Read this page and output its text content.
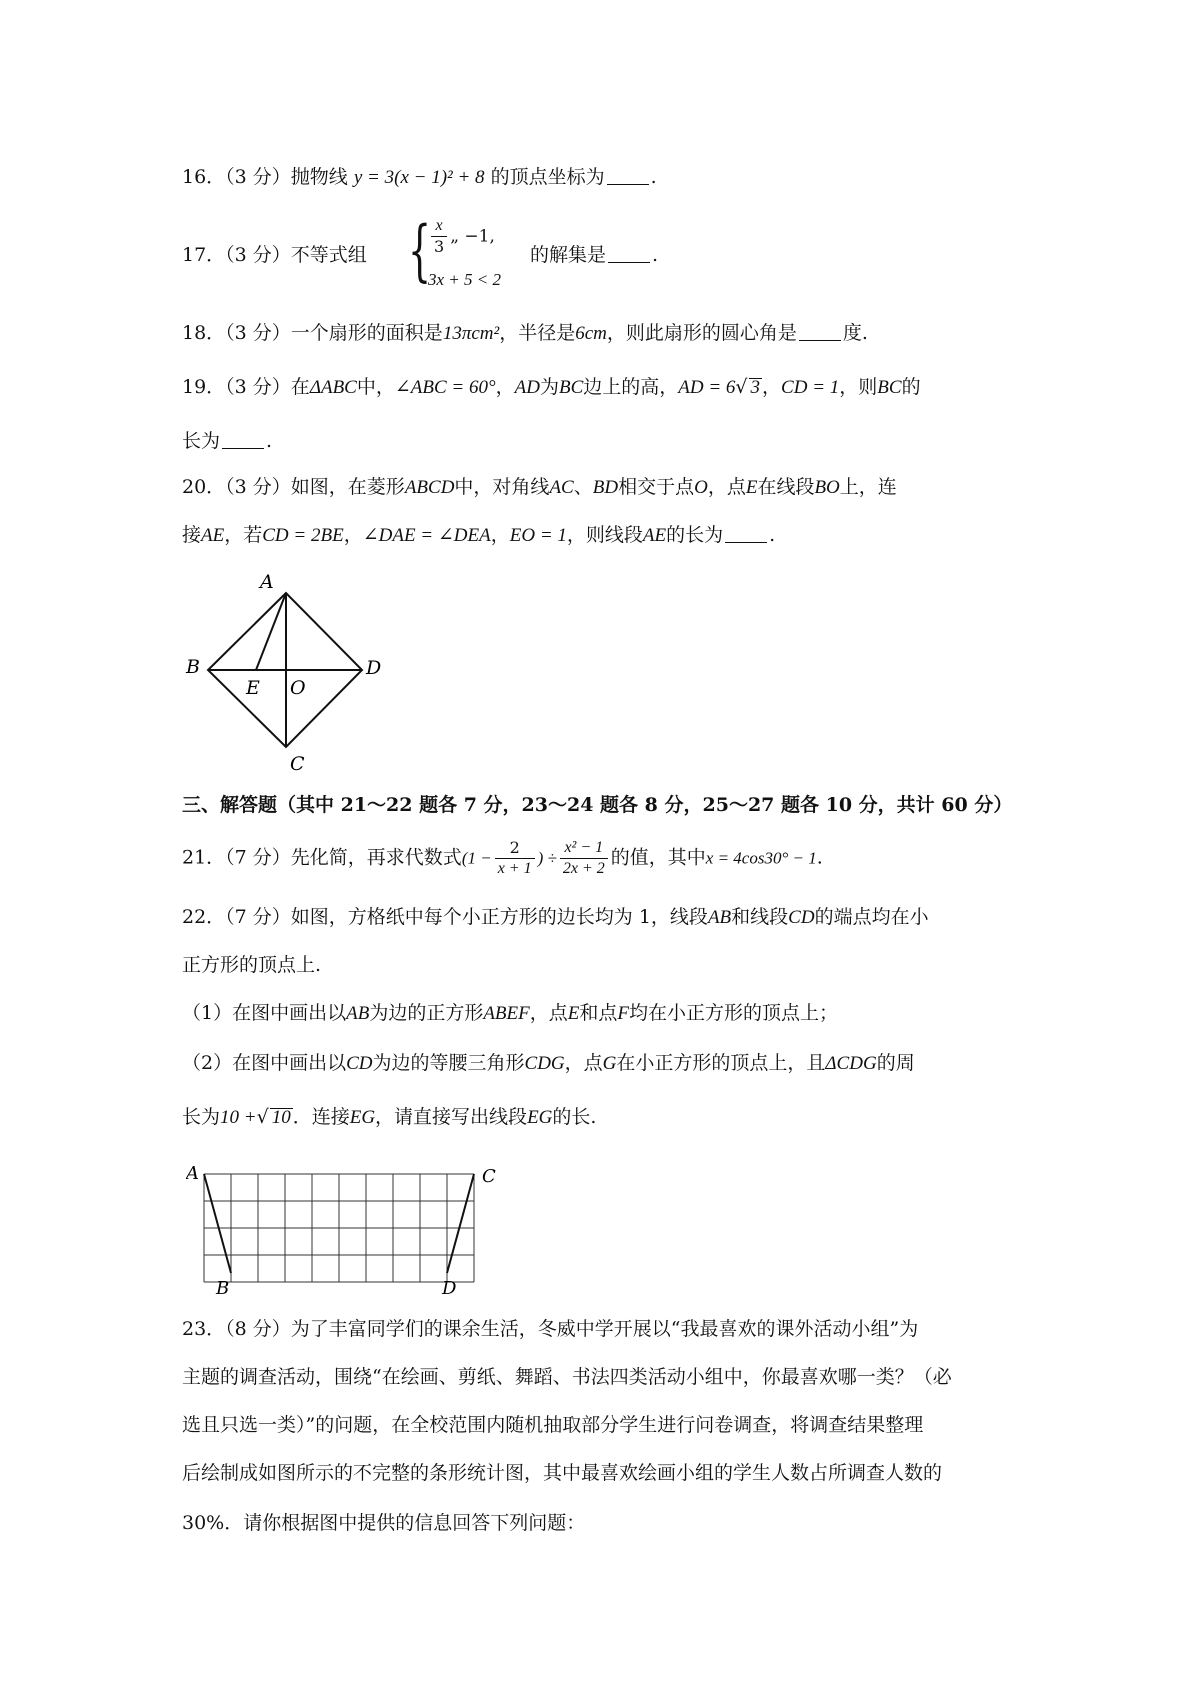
16．（3 分）抛物线 y = 3(x − 1)² + 8 的顶点坐标为 .
17．（3 分）不等式组 { $\frac{x}{3}$ „ −1,
3x + 5 < 2
的解集是 .
18．（3 分）一个扇形的面积是13πcm²，半径是6cm，则此扇形的圆心角是 度.
19．（3 分）在ΔABC中，∠ABC = 60°，AD为BC边上的高，AD = 6√ 3 ，CD = 1，则BC的
长为 .
20．（3 分）如图，在菱形ABCD中，对角线AC、BD相交于点O，点E在线段BO上，连
接AE，若CD = 2BE，∠DAE = ∠DEA，EO = 1，则线段AE的长为 .
A
B
C
D
E O
三、解答题（其中 21～22 题各 7 分，23～24 题各 8 分，25～27 题各 10 分，共计 60 分）
21．（7 分）先化简，再求代数式($1 - \frac{2}{x + 1}$ ) ÷ $\frac{\text{x² − 1}}{2x + 2}$ 的值，其中x = 4cos30° − 1.
22．（7 分）如图，方格纸中每个小正方形的边长均为 1，线段AB和线段CD的端点均在小
正方形的顶点上.
（1）在图中画出以AB为边的正方形ABEF，点E和点F均在小正方形的顶点上；
（2）在图中画出以CD为边的等腰三角形CDG，点G在小正方形的顶点上，且ΔCDG的周
长为10 +√ 10 ．连接EG，请直接写出线段EG的长.
A
B
C
D
23．（8 分）为了丰富同学们的课余生活，冬威中学开展以“我最喜欢的课外活动小组”为
主题的调查活动，围绕“在绘画、剪纸、舞蹈、书法四类活动小组中，你最喜欢哪一类？（必
选且只选一类）”的问题，在全校范围内随机抽取部分学生进行问卷调查，将调查结果整理
后绘制成如图所示的不完整的条形统计图，其中最喜欢绘画小组的学生人数占所调查人数的
30%．请你根据图中提供的信息回答下列问题：
